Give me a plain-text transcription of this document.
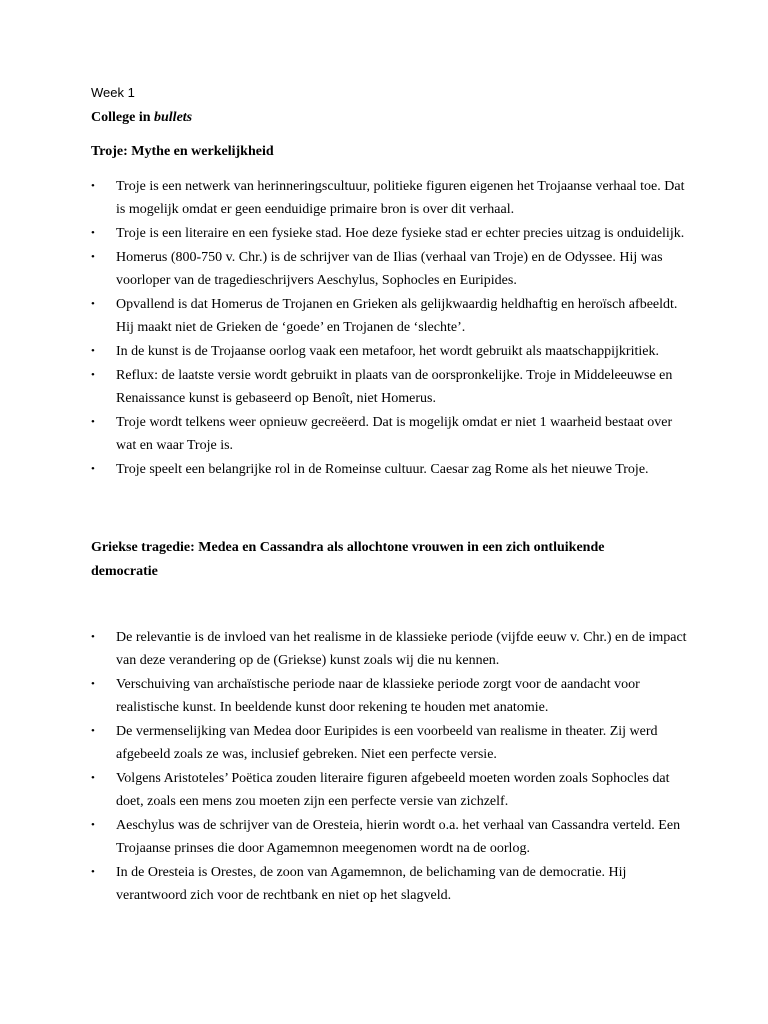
Week 1
College in bullets
Troje: Mythe en werkelijkheid
•	Troje is een netwerk van herinneringscultuur, politieke figuren eigenen het Trojaanse verhaal toe. Dat is mogelijk omdat er geen eenduidige primaire bron is over dit verhaal.
•	Troje is een literaire en een fysieke stad. Hoe deze fysieke stad er echter precies uitzag is onduidelijk.
•	Homerus (800-750 v. Chr.) is de schrijver van de Ilias (verhaal van Troje) en de Odyssee. Hij was voorloper van de tragedieschrijvers Aeschylus, Sophocles en Euripides.
•	Opvallend is dat Homerus de Trojanen en Grieken als gelijkwaardig heldhaftig en heroïsch afbeeldt. Hij maakt niet de Grieken de ‘goede’ en Trojanen de ‘slechte’.
•	In de kunst is de Trojaanse oorlog vaak een metafoor, het wordt gebruikt als maatschappijkritiek.
•	Reflux: de laatste versie wordt gebruikt in plaats van de oorspronkelijke. Troje in Middeleeuwse en Renaissance kunst is gebaseerd op Benoît, niet Homerus.
•	Troje wordt telkens weer opnieuw gecreëerd. Dat is mogelijk omdat er niet 1 waarheid bestaat over wat en waar Troje is.
•	Troje speelt een belangrijke rol in de Romeinse cultuur. Caesar zag Rome als het nieuwe Troje.
Griekse tragedie: Medea en Cassandra als allochtone vrouwen in een zich ontluikende
democratie
•	De relevantie is de invloed van het realisme in de klassieke periode (vijfde eeuw v. Chr.) en de impact van deze verandering op de (Griekse) kunst zoals wij die nu kennen.
•	Verschuiving van archaïstische periode naar de klassieke periode zorgt voor de aandacht voor realistische kunst. In beeldende kunst door rekening te houden met anatomie.
•	De vermenselijking van Medea door Euripides is een voorbeeld van realisme in theater. Zij werd afgebeeld zoals ze was, inclusief gebreken. Niet een perfecte versie.
•	Volgens Aristoteles’ Poëtica zouden literaire figuren afgebeeld moeten worden zoals Sophocles dat doet, zoals een mens zou moeten zijn een perfecte versie van zichzelf.
•	Aeschylus was de schrijver van de Oresteia, hierin wordt o.a. het verhaal van Cassandra verteld. Een Trojaanse prinses die door Agamemnon meegenomen wordt na de oorlog.
•	In de Oresteia is Orestes, de zoon van Agamemnon, de belichaming van de democratie. Hij verantwoord zich voor de rechtbank en niet op het slagveld.
